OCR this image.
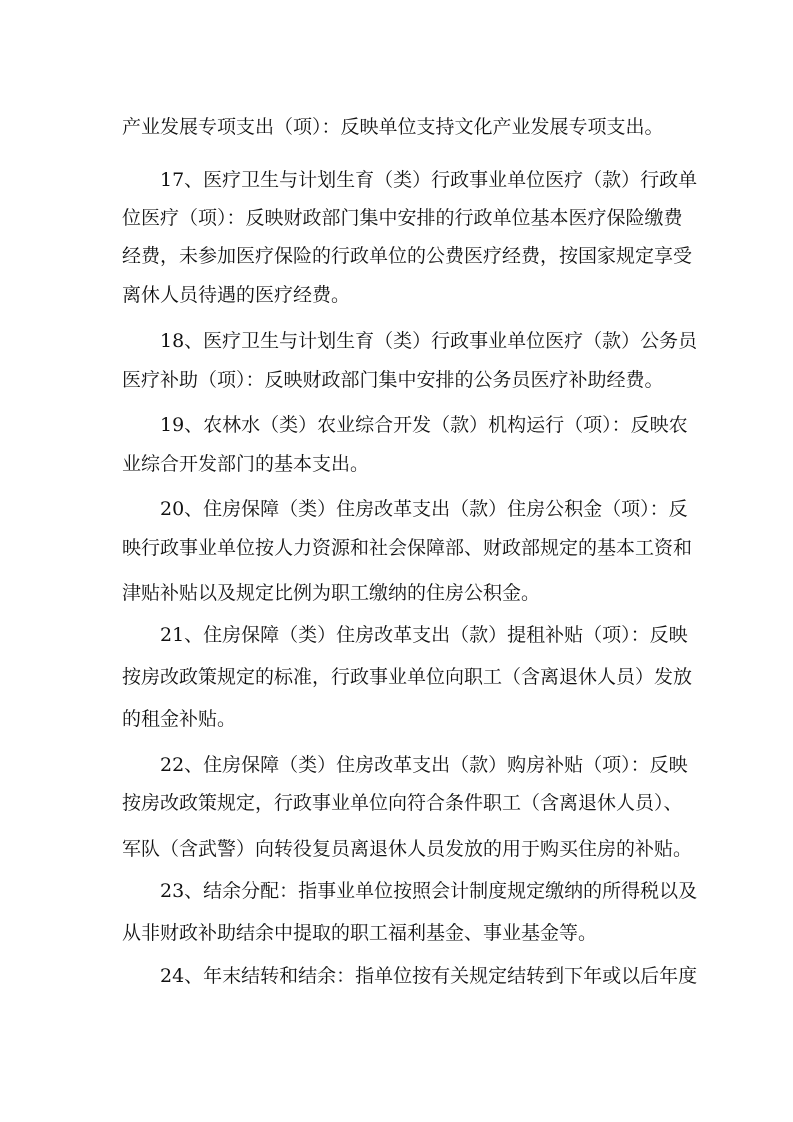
产业发展专项支出（项）：反映单位支持文化产业发展专项支出。

17、医疗卫生与计划生育（类）行政事业单位医疗（款）行政单

位医疗（项）：反映财政部门集中安排的行政单位基本医疗保险缴费

经费，未参加医疗保险的行政单位的公费医疗经费，按国家规定享受

离休人员待遇的医疗经费。

18、医疗卫生与计划生育（类）行政事业单位医疗（款）公务员

医疗补助（项）：反映财政部门集中安排的公务员医疗补助经费。

19、农林水（类）农业综合开发（款）机构运行（项）：反映农

业综合开发部门的基本支出。

20、住房保障（类）住房改革支出（款）住房公积金（项）：反

映行政事业单位按人力资源和社会保障部、财政部规定的基本工资和

津贴补贴以及规定比例为职工缴纳的住房公积金。

21、住房保障（类）住房改革支出（款）提租补贴（项）：反映

按房改政策规定的标准，行政事业单位向职工（含离退休人员）发放

的租金补贴。

22、住房保障（类）住房改革支出（款）购房补贴（项）：反映

按房改政策规定，行政事业单位向符合条件职工（含离退休人员）、

军队（含武警）向转役复员离退休人员发放的用于购买住房的补贴。

23、结余分配：指事业单位按照会计制度规定缴纳的所得税以及

从非财政补助结余中提取的职工福利基金、事业基金等。

24、年末结转和结余：指单位按有关规定结转到下年或以后年度
